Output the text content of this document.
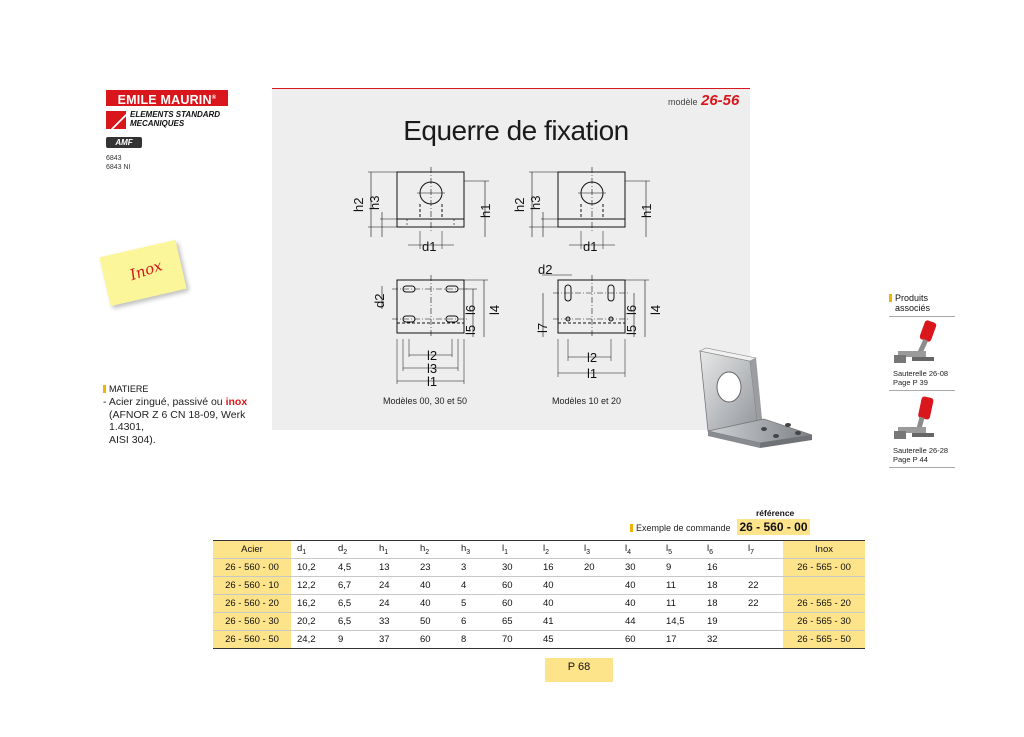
EMILE MAURIN®
ELEMENTS STANDARD
MECANIQUES
AMF
6843
6843 NI
Inox
modèle 26-56
Equerre de fixation
h2 h3
h1
d1
h2 h3
h1
d1
d2
l5
l6 l4
l2
l3
l1
d2
l7	l5
l6 l4
l2
l1
Modèles 00, 30 et 50	Modèles 10 et 20
MATIERE
- Acier zingué, passivé ou inox
(AFNOR Z 6 CN 18-09, Werk 1.4301,
AISI 304).
Produits
associés
Sauterelle 26-08
Page P 39
Sauterelle 26-28
Page P 44
référence
Exemple de commande 26 - 560 - 00
Acier	$d_1$	$d_2$	$h_1$	$h_2$	$h_3$	$l_1$	$l_2$	$l_3$	$l_4$	$l_5$	$l_6$	$l_7$	Inox
26 - 560 - 00	10,2	4,5	13	23	3	30	16	20	30	9	16		26 - 565 - 00
26 - 560 - 10	12,2	6,7	24	40	4	60	40		40	11	18	22	
26 - 560 - 20	16,2	6,5	24	40	5	60	40		40	11	18	22	26 - 565 - 20
26 - 560 - 30	20,2	6,5	33	50	6	65	41		44	14,5	19		26 - 565 - 30
26 - 560 - 50	24,2	9	37	60	8	70	45		60	17	32		26 - 565 - 50
P 68
